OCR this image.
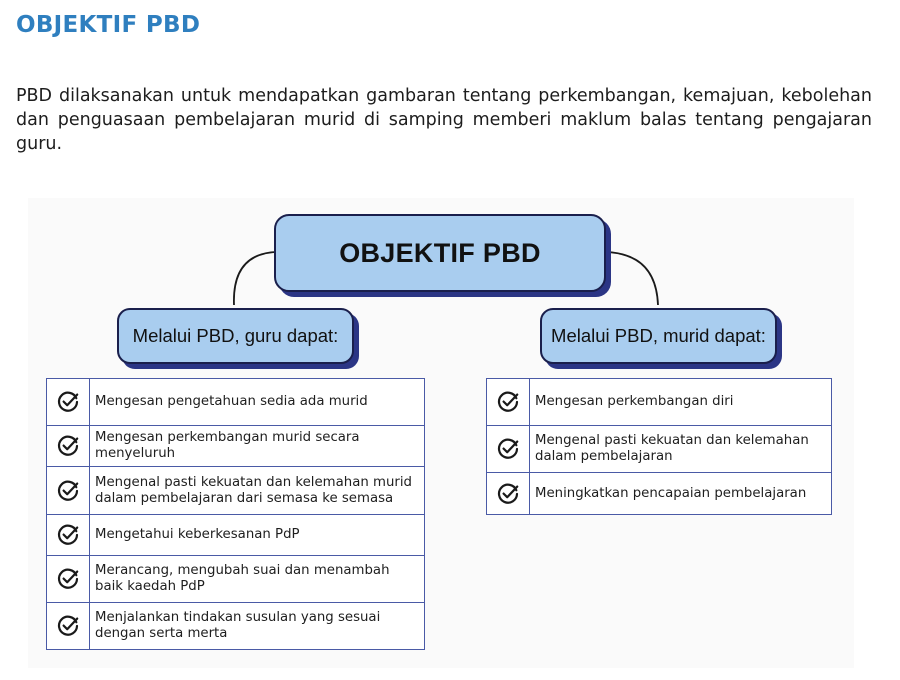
OBJEKTIF PBD
PBD dilaksanakan untuk mendapatkan gambaran tentang perkembangan, kemajuan, kebolehan dan penguasaan pembelajaran murid di samping memberi maklum balas tentang pengajaran guru.
OBJEKTIF PBD
Melalui PBD, guru dapat:	Melalui PBD, murid dapat:
	Mengesan pengetahuan sedia ada murid

	Mengesan perkembangan murid secara menyeluruh

	Mengenal pasti kekuatan dan kelemahan murid dalam pembelajaran dari semasa ke semasa

	Mengetahui keberkesanan PdP

	Merancang, mengubah suai dan menambah baik kaedah PdP

	Menjalankan tindakan susulan yang sesuai dengan serta merta
	Mengesan perkembangan diri

	Mengenal pasti kekuatan dan kelemahan dalam pembelajaran

	Meningkatkan pencapaian pembelajaran
